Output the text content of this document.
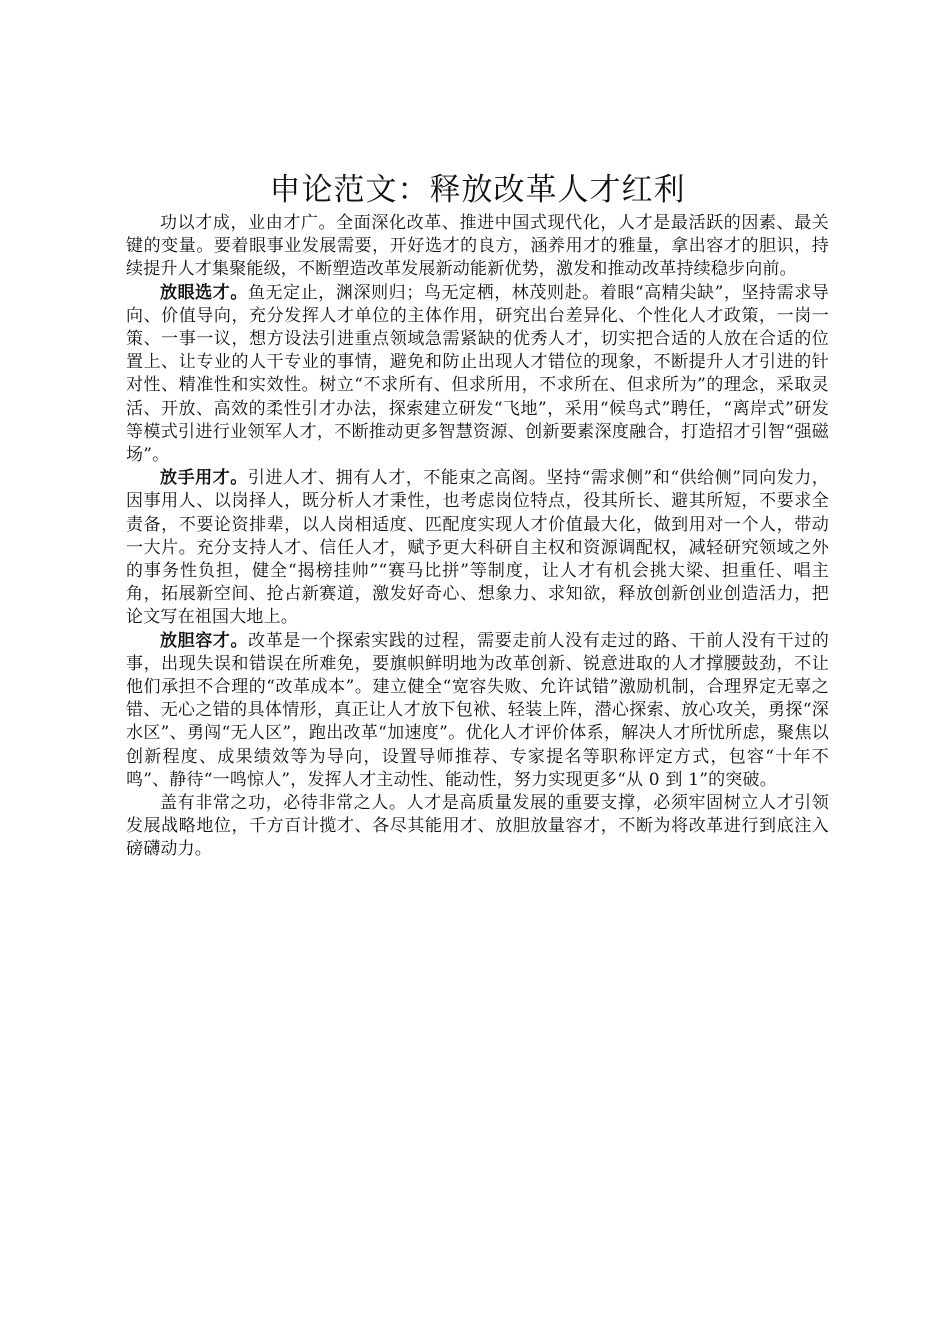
申论范文：释放改革人才红利

功以才成，业由才广。全面深化改革、推进中国式现代化，人才是最活跃的因素、最关键的变量。要着眼事业发展需要，开好选才的良方，涵养用才的雅量，拿出容才的胆识，持续提升人才集聚能级，不断塑造改革发展新动能新优势，激发和推动改革持续稳步向前。

放眼选才。鱼无定止，渊深则归；鸟无定栖，林茂则赴。着眼“高精尖缺”，坚持需求导向、价值导向，充分发挥人才单位的主体作用，研究出台差异化、个性化人才政策，一岗一策、一事一议，想方设法引进重点领域急需紧缺的优秀人才，切实把合适的人放在合适的位置上、让专业的人干专业的事情，避免和防止出现人才错位的现象，不断提升人才引进的针对性、精准性和实效性。树立“不求所有、但求所用，不求所在、但求所为”的理念，采取灵活、开放、高效的柔性引才办法，探索建立研发“飞地”，采用“候鸟式”聘任，“离岸式”研发等模式引进行业领军人才，不断推动更多智慧资源、创新要素深度融合，打造招才引智“强磁场”。

放手用才。引进人才、拥有人才，不能束之高阁。坚持“需求侧”和“供给侧”同向发力，因事用人、以岗择人，既分析人才秉性，也考虑岗位特点，役其所长、避其所短，不要求全责备，不要论资排辈，以人岗相适度、匹配度实现人才价值最大化，做到用对一个人，带动一大片。充分支持人才、信任人才，赋予更大科研自主权和资源调配权，减轻研究领域之外的事务性负担，健全“揭榜挂帅”“赛马比拼”等制度，让人才有机会挑大梁、担重任、唱主角，拓展新空间、抢占新赛道，激发好奇心、想象力、求知欲，释放创新创业创造活力，把论文写在祖国大地上。

放胆容才。改革是一个探索实践的过程，需要走前人没有走过的路、干前人没有干过的事，出现失误和错误在所难免，要旗帜鲜明地为改革创新、锐意进取的人才撑腰鼓劲，不让他们承担不合理的“改革成本”。建立健全“宽容失败、允许试错”激励机制，合理界定无辜之错、无心之错的具体情形，真正让人才放下包袱、轻装上阵，潜心探索、放心攻关，勇探“深水区”、勇闯“无人区”，跑出改革“加速度”。优化人才评价体系，解决人才所忧所虑，聚焦以创新程度、成果绩效等为导向，设置导师推荐、专家提名等职称评定方式，包容“十年不鸣”、静待“一鸣惊人”，发挥人才主动性、能动性，努力实现更多“从 0 到 1”的突破。

盖有非常之功，必待非常之人。人才是高质量发展的重要支撑，必须牢固树立人才引领发展战略地位，千方百计揽才、各尽其能用才、放胆放量容才，不断为将改革进行到底注入磅礴动力。
